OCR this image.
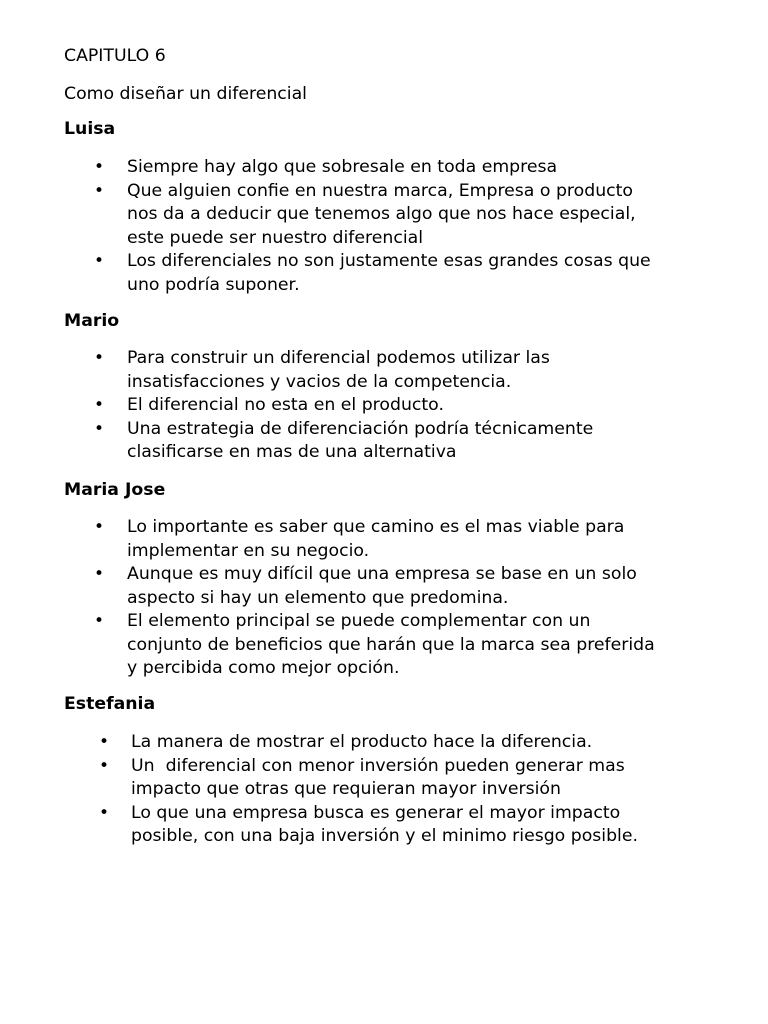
CAPITULO 6

Como diseñar un diferencial

Luisa

• Siempre hay algo que sobresale en toda empresa
• Que alguien confie en nuestra marca, Empresa o producto
nos da a deducir que tenemos algo que nos hace especial,
este puede ser nuestro diferencial
• Los diferenciales no son justamente esas grandes cosas que
uno podría suponer.

Mario

• Para construir un diferencial podemos utilizar las
insatisfacciones y vacios de la competencia.
• El diferencial no esta en el producto.
• Una estrategia de diferenciación podría técnicamente
clasificarse en mas de una alternativa

Maria Jose

• Lo importante es saber que camino es el mas viable para
implementar en su negocio.
• Aunque es muy difícil que una empresa se base en un solo
aspecto si hay un elemento que predomina.
• El elemento principal se puede complementar con un
conjunto de beneficios que harán que la marca sea preferida
y percibida como mejor opción.

Estefania

• La manera de mostrar el producto hace la diferencia.
• Un  diferencial con menor inversión pueden generar mas
impacto que otras que requieran mayor inversión
• Lo que una empresa busca es generar el mayor impacto
posible, con una baja inversión y el minimo riesgo posible.
